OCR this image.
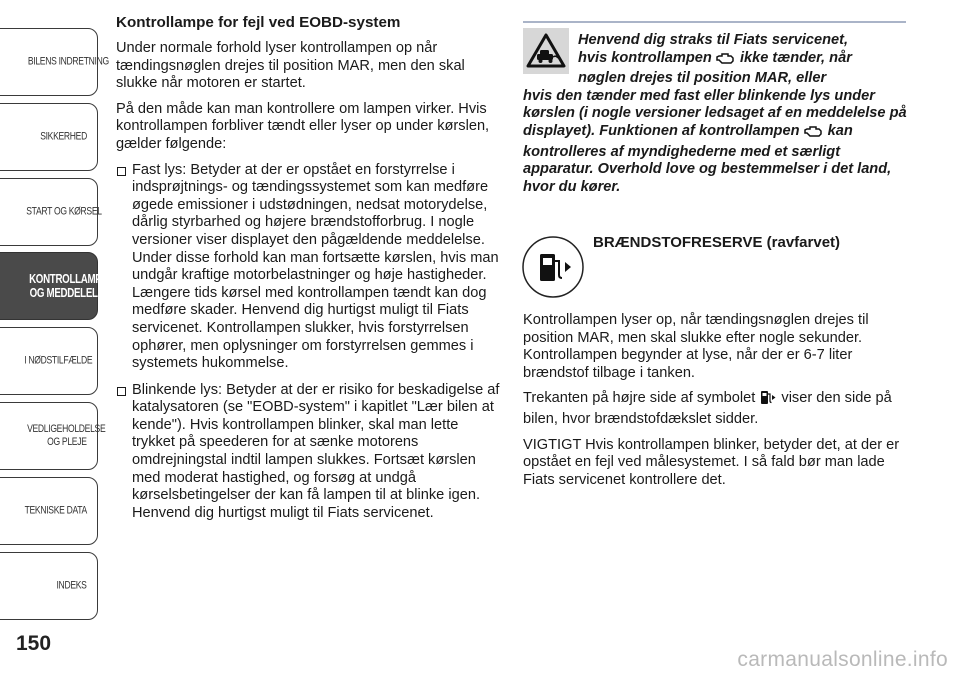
BILENS INDRETNING
SIKKERHED
START OG KØRSEL
KONTROLLAMPER
OG MEDDELELSER
I NØDSTILFÆLDE
VEDLIGEHOLDELSE
OG PLEJE
TEKNISKE DATA
INDEKS
150
Kontrollampe for fejl ved EOBD-system

Under normale forhold lyser kontrollampen op når tændingsnøglen drejes til position MAR, men den skal slukke når motoren er startet.

På den måde kan man kontrollere om lampen virker. Hvis kontrollampen forbliver tændt eller lyser op under kørslen, gælder følgende:

Fast lys: Betyder at der er opstået en forstyrrelse i indsprøjtnings- og tændingssystemet som kan medføre øgede emissioner i udstødningen, nedsat motorydelse, dårlig styrbarhed og højere brændstofforbrug. I nogle versioner viser displayet den pågældende meddelelse. Under disse forhold kan man fortsætte kørslen, hvis man undgår kraftige motorbelastninger og høje hastigheder. Længere tids kørsel med kontrollampen tændt kan dog medføre skader. Henvend dig hurtigst muligt til Fiats servicenet. Kontrollampen slukker, hvis forstyrrelsen ophører, men oplysninger om forstyrrelsen gemmes i systemets hukommelse.
Blinkende lys: Betyder at der er risiko for beskadigelse af katalysatoren (se "EOBD-system" i kapitlet "Lær bilen at kende"). Hvis kontrollampen blinker, skal man lette trykket på speederen for at sænke motorens omdrejningstal indtil lampen slukkes. Fortsæt kørslen med moderat hastighed, og forsøg at undgå kørselsbetingelser der kan få lampen til at blinke igen. Henvend dig hurtigst muligt til Fiats servicenet.
Henvend dig straks til Fiats servicenet,
hvis kontrollampen ikke tænder, når
nøglen drejes til position MAR, eller
hvis den tænder med fast eller blinkende lys under kørslen (i nogle versioner ledsaget af en meddelelse på displayet). Funktionen af kontrollampen kan kontrolleres af myndighederne med et særligt apparatur. Overhold love og bestemmelser i det land, hvor du kører.
BRÆNDSTOFRESERVE (ravfarvet)

Kontrollampen lyser op, når tændingsnøglen drejes til position MAR, men skal slukke efter nogle sekunder. Kontrollampen begynder at lyse, når der er 6-7 liter brændstof tilbage i tanken.

Trekanten på højre side af symbolet viser den side på bilen, hvor brændstofdækslet sidder.

VIGTIGT Hvis kontrollampen blinker, betyder det, at der er opstået en fejl ved målesystemet. I så fald bør man lade Fiats servicenet kontrollere det.

carmanualsonline.info
